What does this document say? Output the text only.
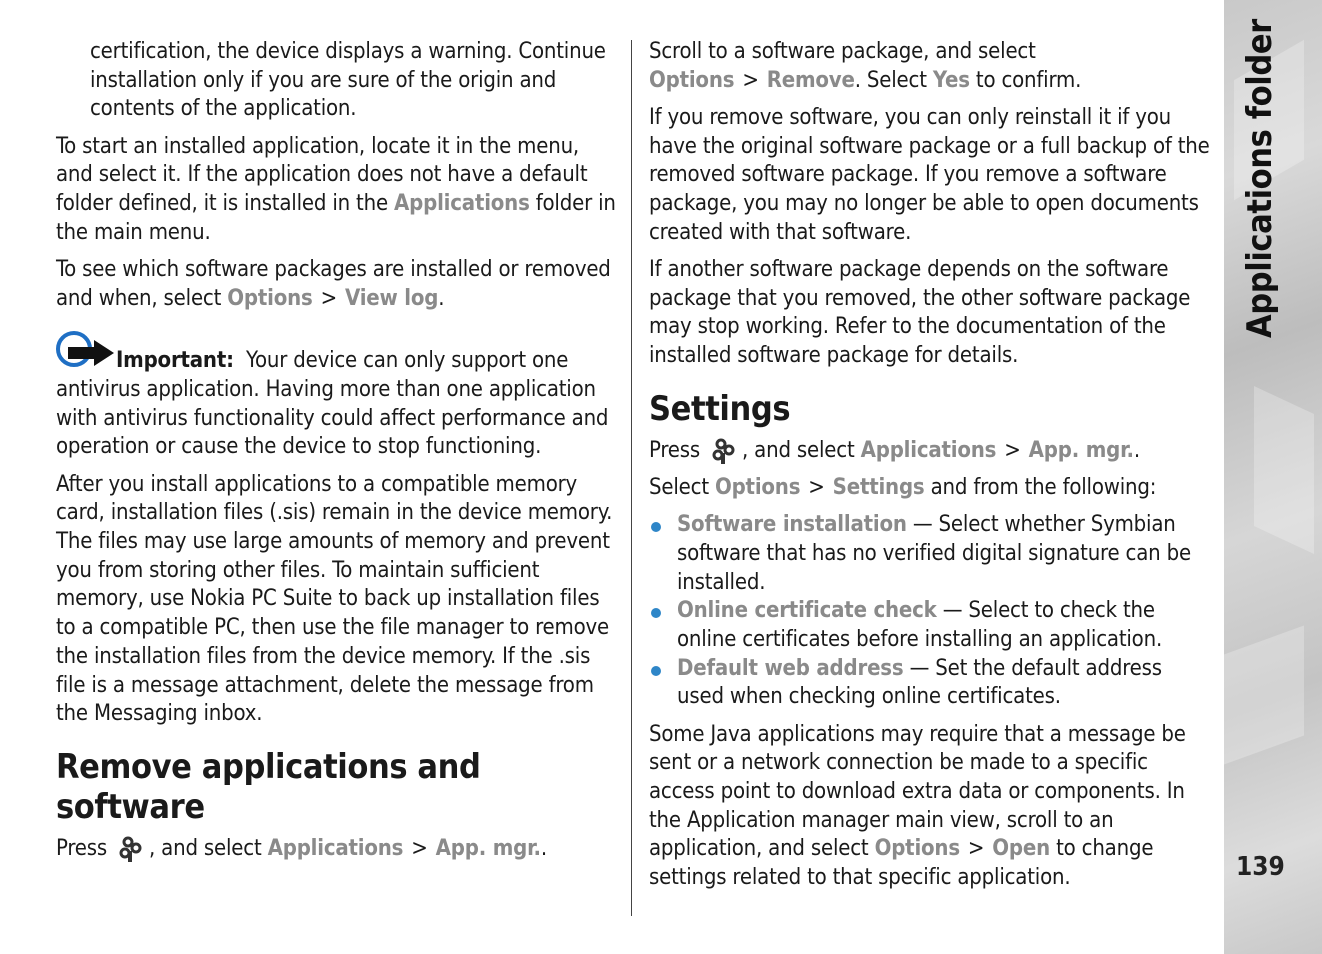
certification, the device displays a warning. Continue installation only if you are sure of the origin and contents of the application.

To start an installed application, locate it in the menu, and select it. If the application does not have a default folder defined, it is installed in the Applications folder in the main menu.

To see which software packages are installed or removed and when, select Options > View log.

Important: Your device can only support one antivirus application. Having more than one application with antivirus functionality could affect performance and operation or cause the device to stop functioning.

After you install applications to a compatible memory card, installation files (.sis) remain in the device memory. The files may use large amounts of memory and prevent you from storing other files. To maintain sufficient memory, use Nokia PC Suite to back up installation files to a compatible PC, then use the file manager to remove the installation files from the device memory. If the .sis file is a message attachment, delete the message from the Messaging inbox.

Remove applications and software

Press , and select Applications > App. mgr..

Scroll to a software package, and select Options > Remove. Select Yes to confirm.

If you remove software, you can only reinstall it if you have the original software package or a full backup of the removed software package. If you remove a software package, you may no longer be able to open documents created with that software.

If another software package depends on the software package that you removed, the other software package may stop working. Refer to the documentation of the installed software package for details.

Settings

Press , and select Applications > App. mgr..

Select Options > Settings and from the following:

Software installation — Select whether Symbian software that has no verified digital signature can be installed.
Online certificate check — Select to check the online certificates before installing an application.
Default web address — Set the default address used when checking online certificates.

Some Java applications may require that a message be sent or a network connection be made to a specific access point to download extra data or components. In the Application manager main view, scroll to an application, and select Options > Open to change settings related to that specific application.

Applications folder
139
